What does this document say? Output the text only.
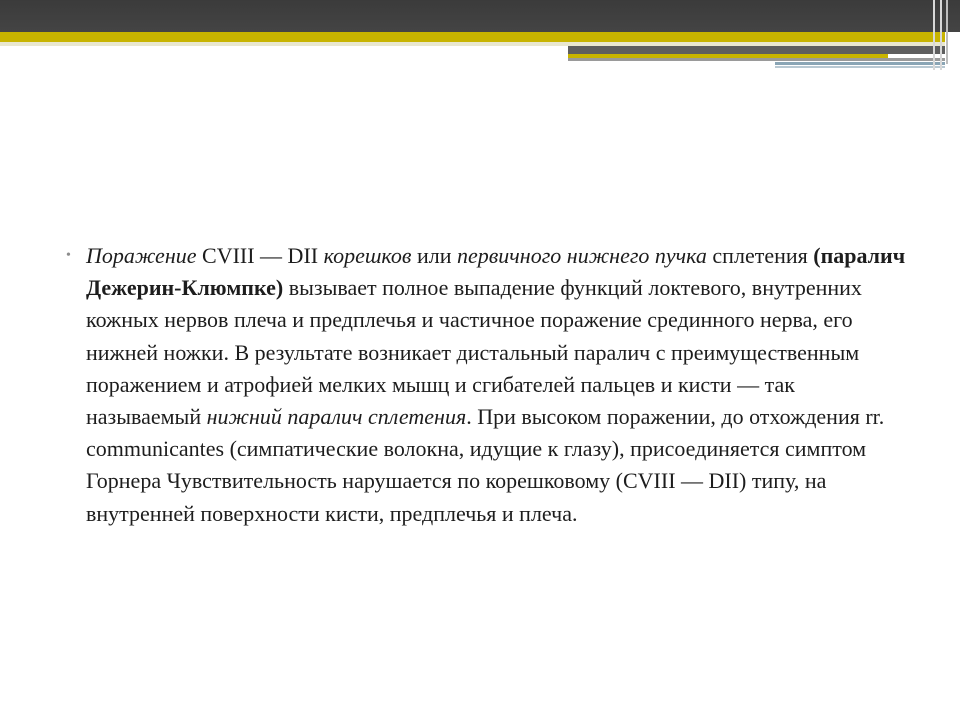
• Поражение CVIII — DII корешков или первичного нижнего пучка сплетения (паралич Дежерин-Клюмпке) вызывает полное выпадение функций локтевого, внутренних кожных нервов плеча и предплечья и частичное поражение срединного нерва, его нижней ножки. В результате возникает дистальный паралич с преимущественным поражением и атрофией мелких мышц и сгибателей пальцев и кисти — так называемый нижний паралич сплетения. При высоком поражении, до отхождения rr. communicantes (симпатические волокна, идущие к глазу), присоединяется симптом Горнера Чувствительность нарушается по корешковому (CVIII — DII) типу, на внутренней поверхности кисти, предплечья и плеча.
